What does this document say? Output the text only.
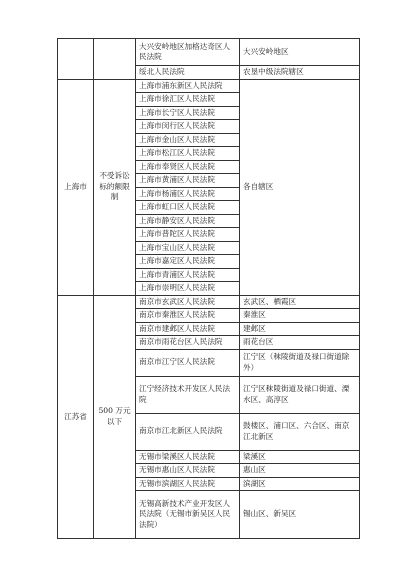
		大兴安岭地区加格达奇区人民法院	大兴安岭地区
		绥北人民法院	农垦中级法院辖区
上海市	不受诉讼标的额限制	上海市浦东新区人民法院	各自辖区
		上海市徐汇区人民法院	
		上海市长宁区人民法院	
		上海市闵行区人民法院	
		上海市金山区人民法院	
		上海市松江区人民法院	
		上海市奉贤区人民法院	
		上海市黄浦区人民法院	
		上海市杨浦区人民法院	
		上海市虹口区人民法院	
		上海市静安区人民法院	
		上海市普陀区人民法院	
		上海市宝山区人民法院	
		上海市嘉定区人民法院	
		上海市青浦区人民法院	
		上海市崇明区人民法院	
江苏省	500 万元以下	南京市玄武区人民法院	玄武区、栖霞区
		南京市秦淮区人民法院	秦淮区
		南京市建邺区人民法院	建邺区
		南京市雨花台区人民法院	雨花台区
		南京市江宁区人民法院	江宁区（秣陵街道及禄口街道除外）
		江宁经济技术开发区人民法院	江宁区秣陵街道及禄口街道、溧水区、高淳区
		南京市江北新区人民法院	鼓楼区、浦口区、六合区、南京江北新区
		无锡市梁溪区人民法院	梁溪区
		无锡市惠山区人民法院	惠山区
		无锡市滨湖区人民法院	滨湖区
		无锡高新技术产业开发区人民法院（无锡市新吴区人民法院）	锡山区、新吴区
